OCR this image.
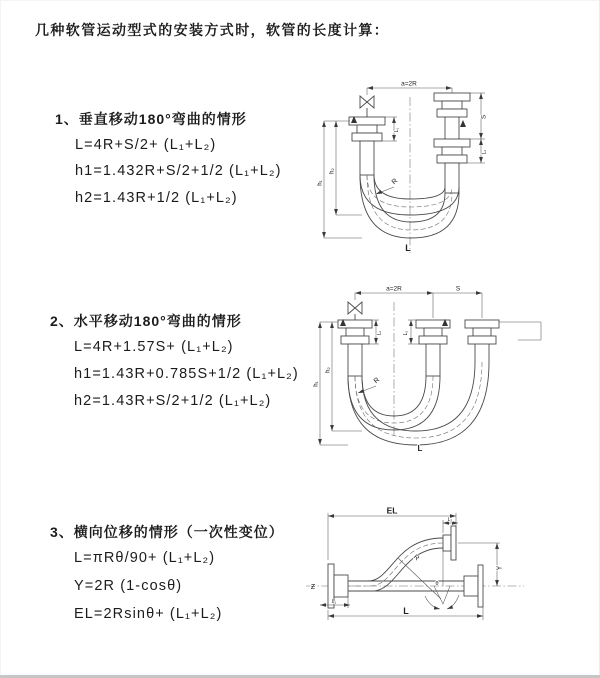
几种软管运动型式的安装方式时，软管的长度计算：
1、垂直移动180°弯曲的情形
L=4R+S/2+ (L₁+L₂)
h1=1.432R+S/2+1/2 (L₁+L₂)
h2=1.43R+1/2 (L₁+L₂)
2、水平移动180°弯曲的情形
L=4R+1.57S+ (L₁+L₂)
h1=1.43R+0.785S+1/2 (L₁+L₂)
h2=1.43R+S/2+1/2 (L₁+L₂)
3、横向位移的情形（一次性变位）
L=πRθ/90+ (L₁+L₂)
Y=2R (1-cosθ)
EL=2Rsinθ+ (L₁+L₂)
a=2R
R
h₁
h₂
L₁
S
L₂
L
a=2R	S
R
h₁
h₂
L₁	L₂
L
Ƶ
EL
L₂
Y
R
θ
L
L₁
